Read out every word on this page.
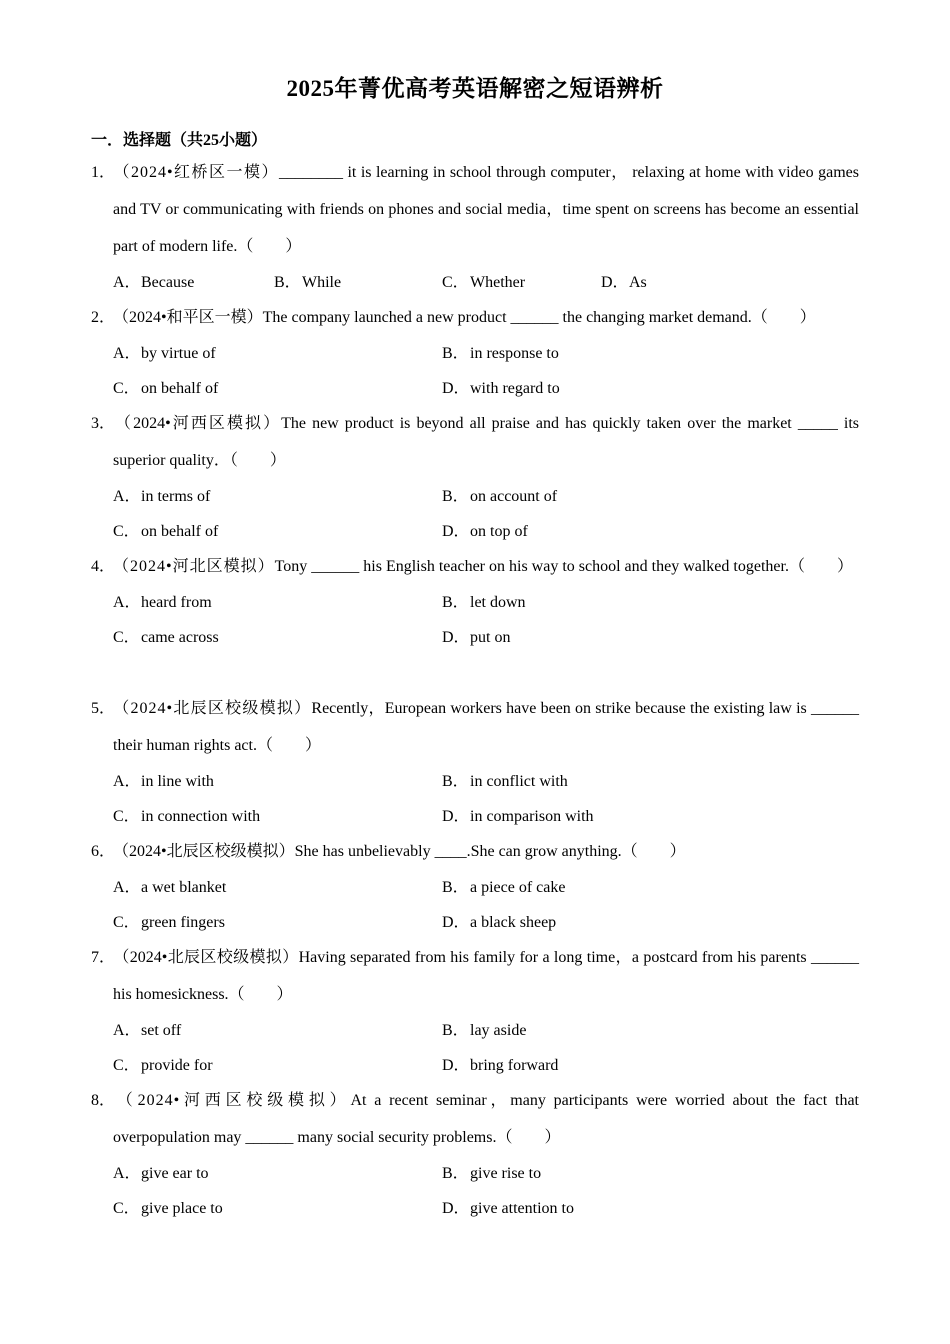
2025年菁优高考英语解密之短语辨析
一．选择题（共25小题）

1．（2024•红桥区一模）________ it is learning in school through computer， relaxing at home with video games and TV or communicating with friends on phones and social media，time spent on screens has become an essential part of modern life.（　　）

A．Because	B．While	C．Whether	D．As

2．（2024•和平区一模）The company launched a new product ______ the changing market demand.（　　）

A．by virtue of	B．in response to
C．on behalf of	D．with regard to

3．（2024•河西区模拟）The new product is beyond all praise and has quickly taken over the market _____ its superior quality．（　　）

A．in terms of	B．on account of
C．on behalf of	D．on top of

4．（2024•河北区模拟）Tony ______ his English teacher on his way to school and they walked together.（　　）

A．heard from	B．let down
C．came across	D．put on

5．（2024•北辰区校级模拟）Recently，European workers have been on strike because the existing law is ______ their human rights act.（　　）

A．in line with	B．in conflict with
C．in connection with	D．in comparison with

6．（2024•北辰区校级模拟）She has unbelievably ____.She can grow anything.（　　）

A．a wet blanket	B．a piece of cake
C．green fingers	D．a black sheep

7．（2024•北辰区校级模拟）Having separated from his family for a long time，a postcard from his parents ______ his homesickness.（　　）

A．set off	B．lay aside
C．provide for	D．bring forward

8．（2024•河西区校级模拟）At a recent seminar，many participants were worried about the fact that overpopulation may ______ many social security problems.（　　）

A．give ear to	B．give rise to
C．give place to	D．give attention to
